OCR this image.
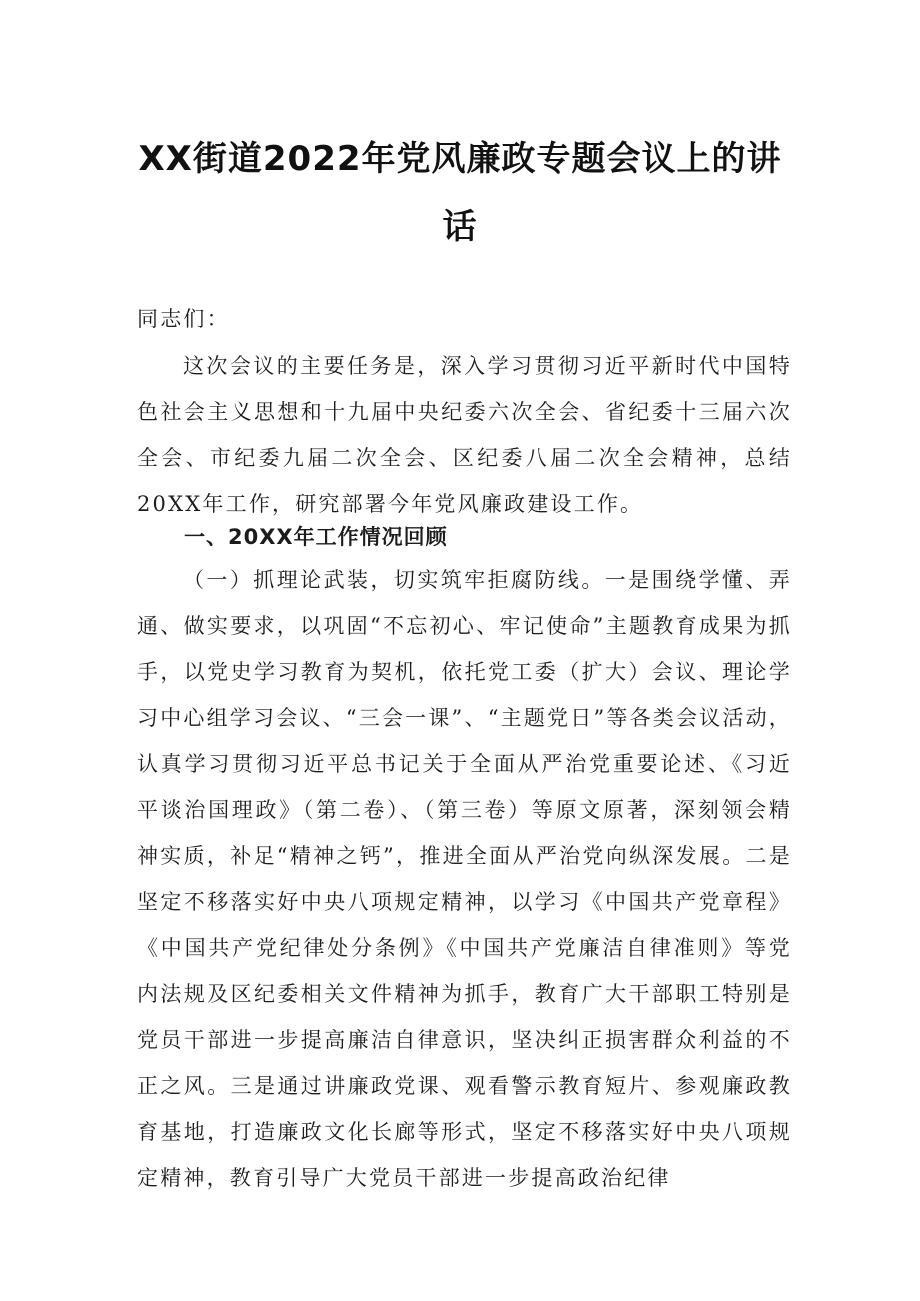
XX街道2022年党风廉政专题会议上的讲
话

同志们：

这次会议的主要任务是，深入学习贯彻习近平新时代中国特色社会主义思想和十九届中央纪委六次全会、省纪委十三届六次全会、市纪委九届二次全会、区纪委八届二次全会精神，总结20XX年工作，研究部署今年党风廉政建设工作。

一、20XX年工作情况回顾

（一）抓理论武装，切实筑牢拒腐防线。一是围绕学懂、弄通、做实要求，以巩固“不忘初心、牢记使命”主题教育成果为抓手，以党史学习教育为契机，依托党工委（扩大）会议、理论学习中心组学习会议、“三会一课”、“主题党日”等各类会议活动，认真学习贯彻习近平总书记关于全面从严治党重要论述、《习近平谈治国理政》（第二卷）、（第三卷）等原文原著，深刻领会精神实质，补足“精神之钙”，推进全面从严治党向纵深发展。二是坚定不移落实好中央八项规定精神，以学习《中国共产党章程》《中国共产党纪律处分条例》《中国共产党廉洁自律准则》等党内法规及区纪委相关文件精神为抓手，教育广大干部职工特别是党员干部进一步提高廉洁自律意识，坚决纠正损害群众利益的不正之风。三是通过讲廉政党课、观看警示教育短片、参观廉政教育基地，打造廉政文化长廊等形式，坚定不移落实好中央八项规定精神，教育引导广大党员干部进一步提高政治纪律
